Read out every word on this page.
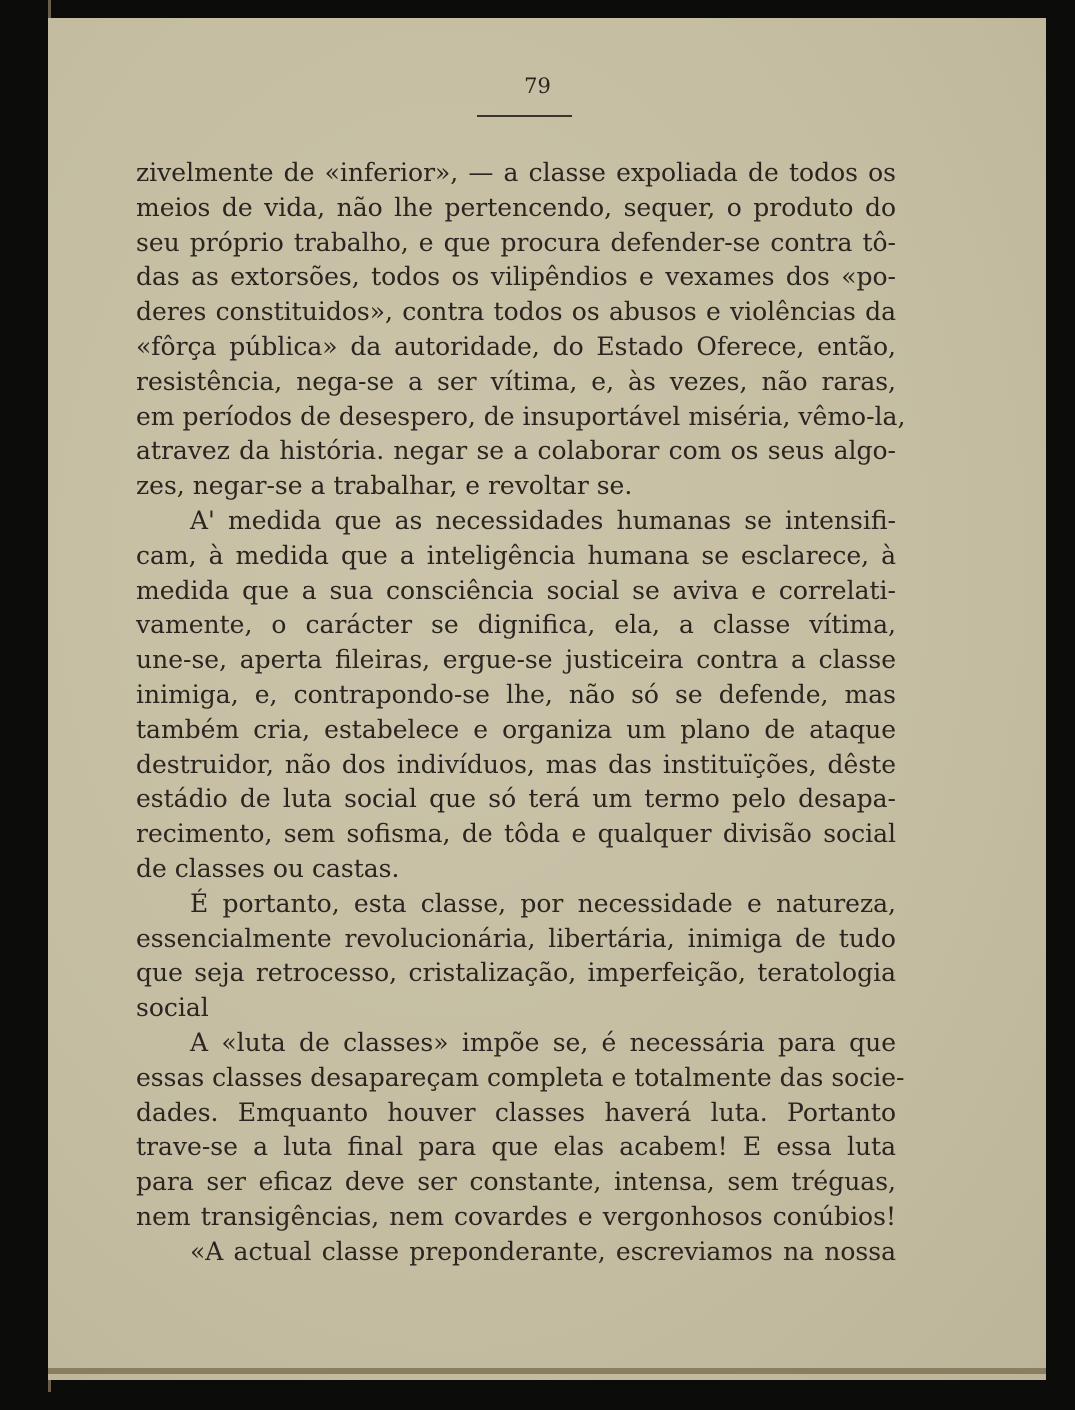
79
zivelmente de «inferior», — a classe expoliada de todos os
meios de vida, não lhe pertencendo, sequer, o produto do
seu próprio trabalho, e que procura defender-se contra tô-
das as extorsões, todos os vilipêndios e vexames dos «po-
deres constituidos», contra todos os abusos e violências da
«fôrça pública» da autoridade, do Estado Oferece, então,
resistência, nega-se a ser vítima, e, às vezes, não raras,
em períodos de desespero, de insuportável miséria, vêmo-la,
atravez da história. negar se a colaborar com os seus algo-
zes, negar-se a trabalhar, e revoltar se.
A' medida que as necessidades humanas se intensifi-
cam, à medida que a inteligência humana se esclarece, à
medida que a sua consciência social se aviva e correlati-
vamente, o carácter se dignifica, ela, a classe vítima,
une-se, aperta fileiras, ergue-se justiceira contra a classe
inimiga, e, contrapondo-se lhe, não só se defende, mas
também cria, estabelece e organiza um plano de ataque
destruidor, não dos indivíduos, mas das instituïções, dêste
estádio de luta social que só terá um termo pelo desapa-
recimento, sem sofisma, de tôda e qualquer divisão social
de classes ou castas.
É portanto, esta classe, por necessidade e natureza,
essencialmente revolucionária, libertária, inimiga de tudo
que seja retrocesso, cristalização, imperfeição, teratologia
social
A «luta de classes» impõe se, é necessária para que
essas classes desapareçam completa e totalmente das socie-
dades. Emquanto houver classes haverá luta. Portanto
trave-se a luta final para que elas acabem! E essa luta
para ser eficaz deve ser constante, intensa, sem tréguas,
nem transigências, nem covardes e vergonhosos conúbios!
«A actual classe preponderante, escreviamos na nossa
